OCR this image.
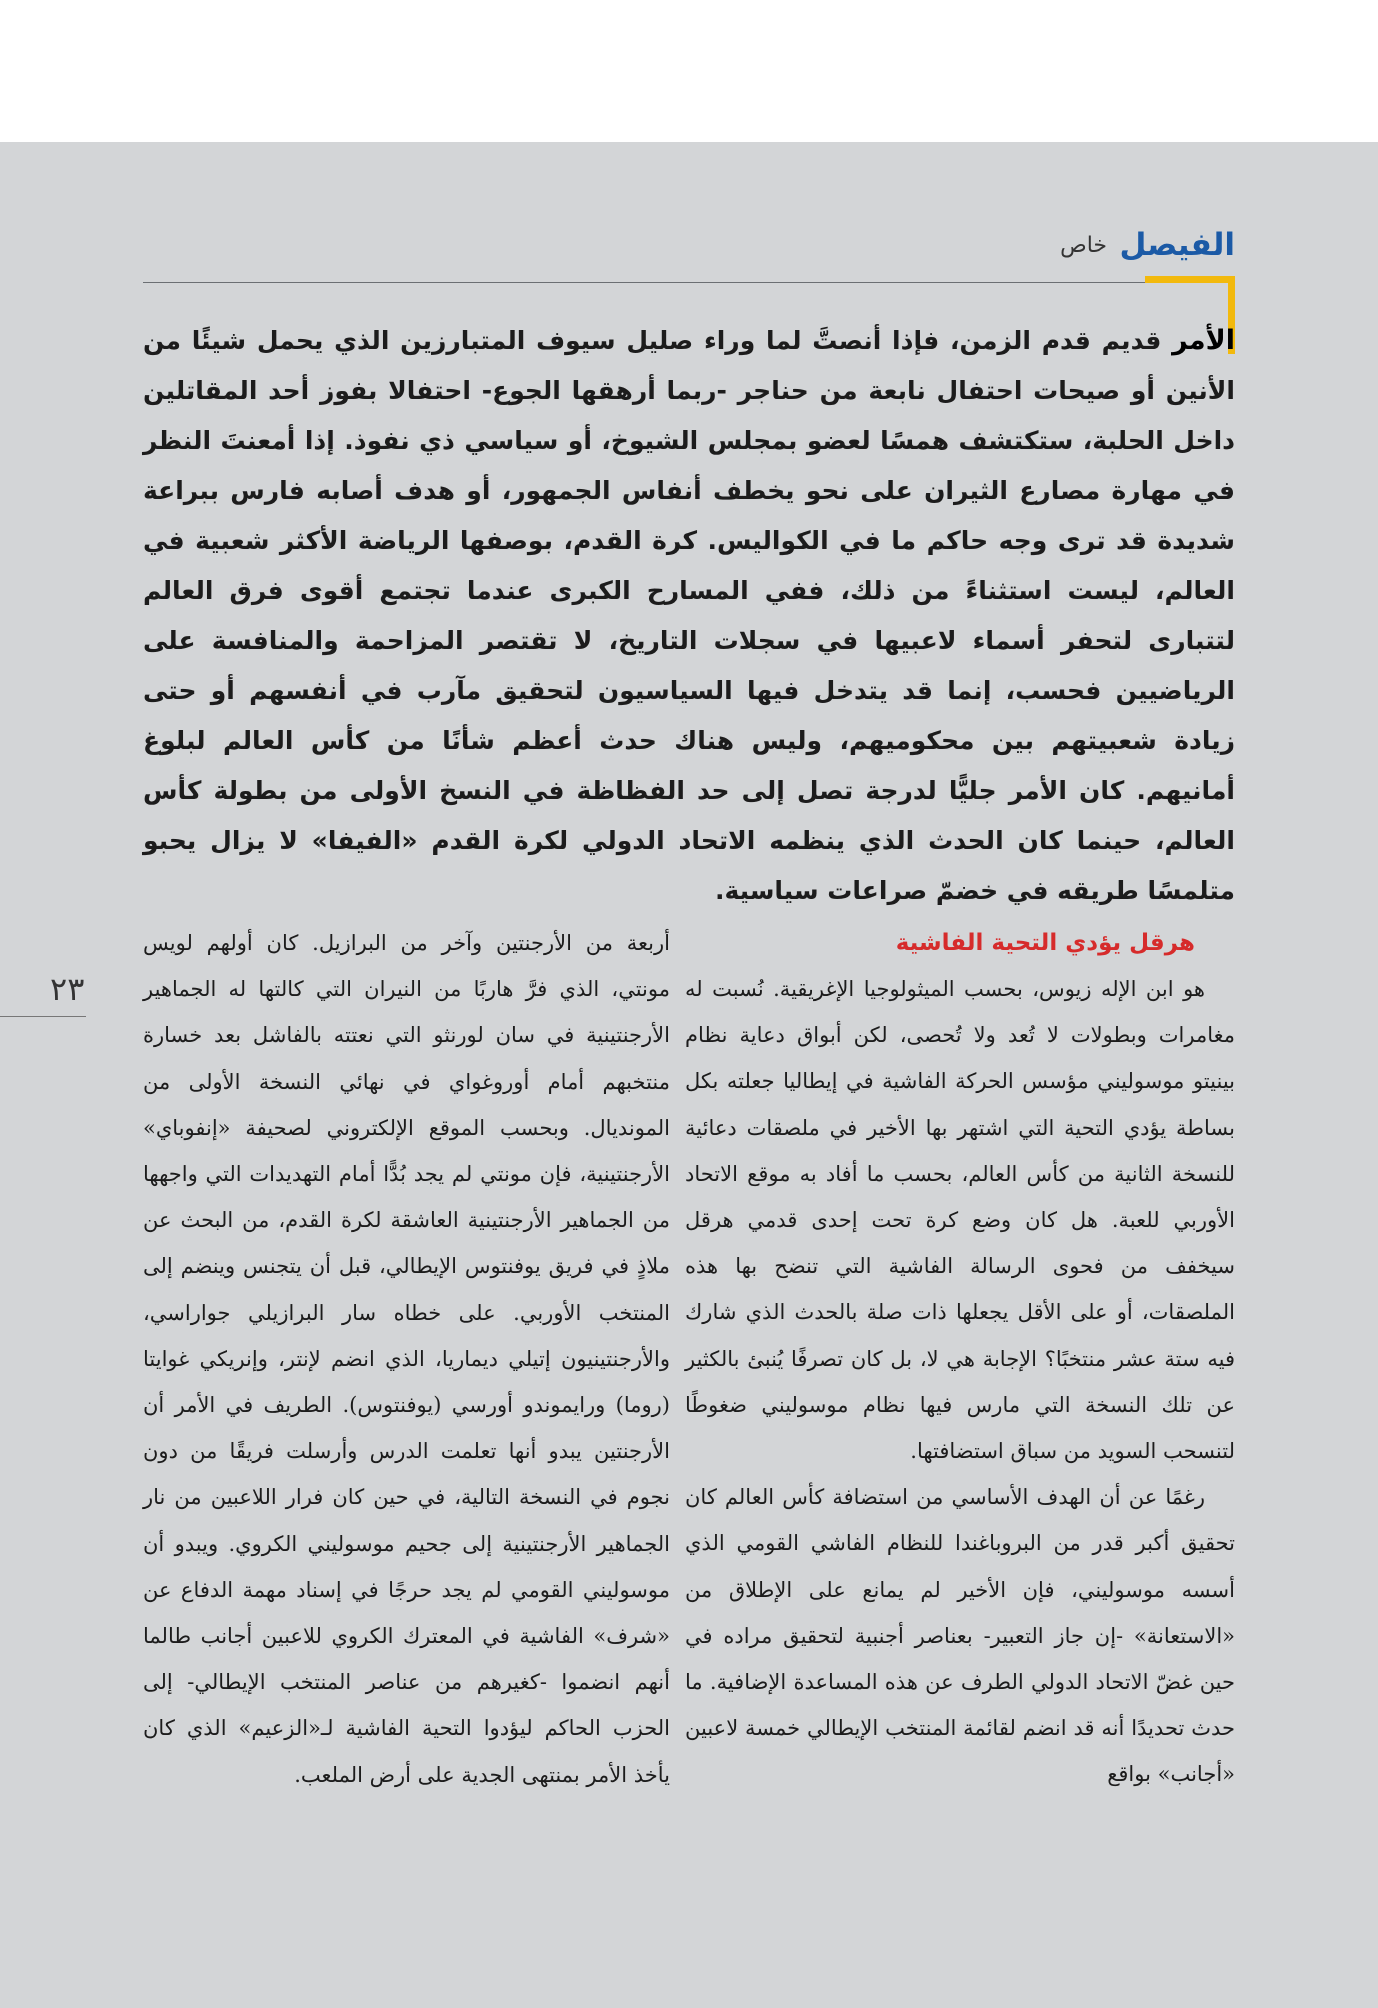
الفيصل
خاص

الأمر قديم قدم الزمن، فإذا أنصتَّ لما وراء صليل سيوف المتبارزين الذي يحمل شيئًا من الأنين أو صيحات احتفال نابعة من حناجر -ربما أرهقها الجوع- احتفالا بفوز أحد المقاتلين داخل الحلبة، ستكتشف همسًا لعضو بمجلس الشيوخ، أو سياسي ذي نفوذ. إذا أمعنتَ النظر في مهارة مصارع الثيران على نحو يخطف أنفاس الجمهور، أو هدف أصابه فارس ببراعة شديدة قد ترى وجه حاكم ما في الكواليس. كرة القدم، بوصفها الرياضة الأكثر شعبية في العالم، ليست استثناءً من ذلك، ففي المسارح الكبرى عندما تجتمع أقوى فرق العالم لتتبارى لتحفر أسماء لاعبيها في سجلات التاريخ، لا تقتصر المزاحمة والمنافسة على الرياضيين فحسب، إنما قد يتدخل فيها السياسيون لتحقيق مآرب في أنفسهم أو حتى زيادة شعبيتهم بين محكوميهم، وليس هناك حدث أعظم شأنًا من كأس العالم لبلوغ أمانيهم. كان الأمر جليًّا لدرجة تصل إلى حد الفظاظة في النسخ الأولى من بطولة كأس العالم، حينما كان الحدث الذي ينظمه الاتحاد الدولي لكرة القدم «الفيفا» لا يزال يحبو متلمسًا طريقه في خضمّ صراعات سياسية.

هرقل يؤدي التحية الفاشية

هو ابن الإله زيوس، بحسب الميثولوجيا الإغريقية. نُسبت له مغامرات وبطولات لا تُعد ولا تُحصى، لكن أبواق دعاية نظام بينيتو موسوليني مؤسس الحركة الفاشية في إيطاليا جعلته بكل بساطة يؤدي التحية التي اشتهر بها الأخير في ملصقات دعائية للنسخة الثانية من كأس العالم، بحسب ما أفاد به موقع الاتحاد الأوربي للعبة. هل كان وضع كرة تحت إحدى قدمي هرقل سيخفف من فحوى الرسالة الفاشية التي تنضح بها هذه الملصقات، أو على الأقل يجعلها ذات صلة بالحدث الذي شارك فيه ستة عشر منتخبًا؟ الإجابة هي لا، بل كان تصرفًا يُنبئ بالكثير عن تلك النسخة التي مارس فيها نظام موسوليني ضغوطًا لتنسحب السويد من سباق استضافتها.

رغمًا عن أن الهدف الأساسي من استضافة كأس العالم كان تحقيق أكبر قدر من البروباغندا للنظام الفاشي القومي الذي أسسه موسوليني، فإن الأخير لم يمانع على الإطلاق من «الاستعانة» -إن جاز التعبير- بعناصر أجنبية لتحقيق مراده في حين غضّ الاتحاد الدولي الطرف عن هذه المساعدة الإضافية. ما حدث تحديدًا أنه قد انضم لقائمة المنتخب الإيطالي خمسة لاعبين «أجانب» بواقع

أربعة من الأرجنتين وآخر من البرازيل. كان أولهم لويس مونتي، الذي فرَّ هاربًا من النيران التي كالتها له الجماهير الأرجنتينية في سان لورنثو التي نعتته بالفاشل بعد خسارة منتخبهم أمام أوروغواي في نهائي النسخة الأولى من المونديال. وبحسب الموقع الإلكتروني لصحيفة «إنفوباي» الأرجنتينية، فإن مونتي لم يجد بُدًّا أمام التهديدات التي واجهها من الجماهير الأرجنتينية العاشقة لكرة القدم، من البحث عن ملاذٍ في فريق يوفنتوس الإيطالي، قبل أن يتجنس وينضم إلى المنتخب الأوربي. على خطاه سار البرازيلي جواراسي، والأرجنتينيون إتيلي ديماريا، الذي انضم لإنتر، وإنريكي غوايتا (روما) ورايموندو أورسي (يوفنتوس). الطريف في الأمر أن الأرجنتين يبدو أنها تعلمت الدرس وأرسلت فريقًا من دون نجوم في النسخة التالية، في حين كان فرار اللاعبين من نار الجماهير الأرجنتينية إلى جحيم موسوليني الكروي. ويبدو أن موسوليني القومي لم يجد حرجًا في إسناد مهمة الدفاع عن «شرف» الفاشية في المعترك الكروي للاعبين أجانب طالما أنهم انضموا -كغيرهم من عناصر المنتخب الإيطالي- إلى الحزب الحاكم ليؤدوا التحية الفاشية لـ«الزعيم» الذي كان يأخذ الأمر بمنتهى الجدية على أرض الملعب.

٢٣
